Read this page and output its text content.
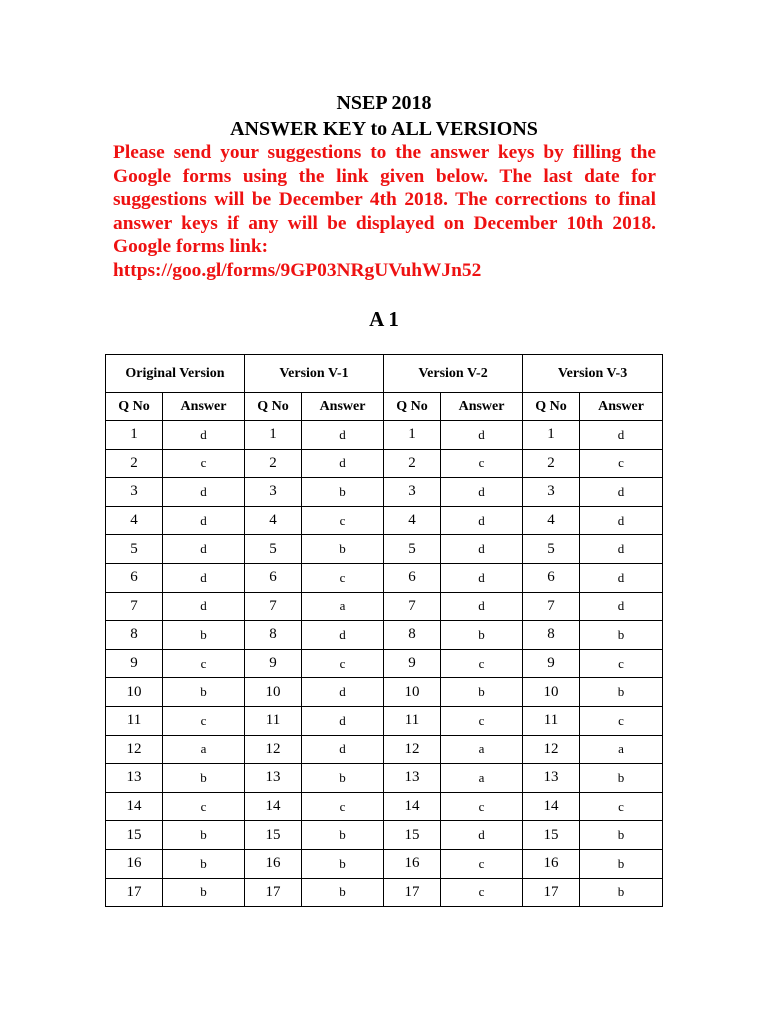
NSEP 2018
ANSWER KEY to ALL VERSIONS
Please send your suggestions to the answer keys by filling the
Google forms using the link given below. The last date for
suggestions will be December 4th 2018. The corrections to final
answer keys if any will be displayed on December 10th 2018.
Google forms link:
https://goo.gl/forms/9GP03NRgUVuhWJn52
A 1
Original Version		Version V-1		Version V-2		Version V-3	
Q No	Answer	Q No	Answer	Q No	Answer	Q No	Answer
1	d	1	d	1	d	1	d
2	c	2	d	2	c	2	c
3	d	3	b	3	d	3	d
4	d	4	c	4	d	4	d
5	d	5	b	5	d	5	d
6	d	6	c	6	d	6	d
7	d	7	a	7	d	7	d
8	b	8	d	8	b	8	b
9	c	9	c	9	c	9	c
10	b	10	d	10	b	10	b
11	c	11	d	11	c	11	c
12	a	12	d	12	a	12	a
13	b	13	b	13	a	13	b
14	c	14	c	14	c	14	c
15	b	15	b	15	d	15	b
16	b	16	b	16	c	16	b
17	b	17	b	17	c	17	b
